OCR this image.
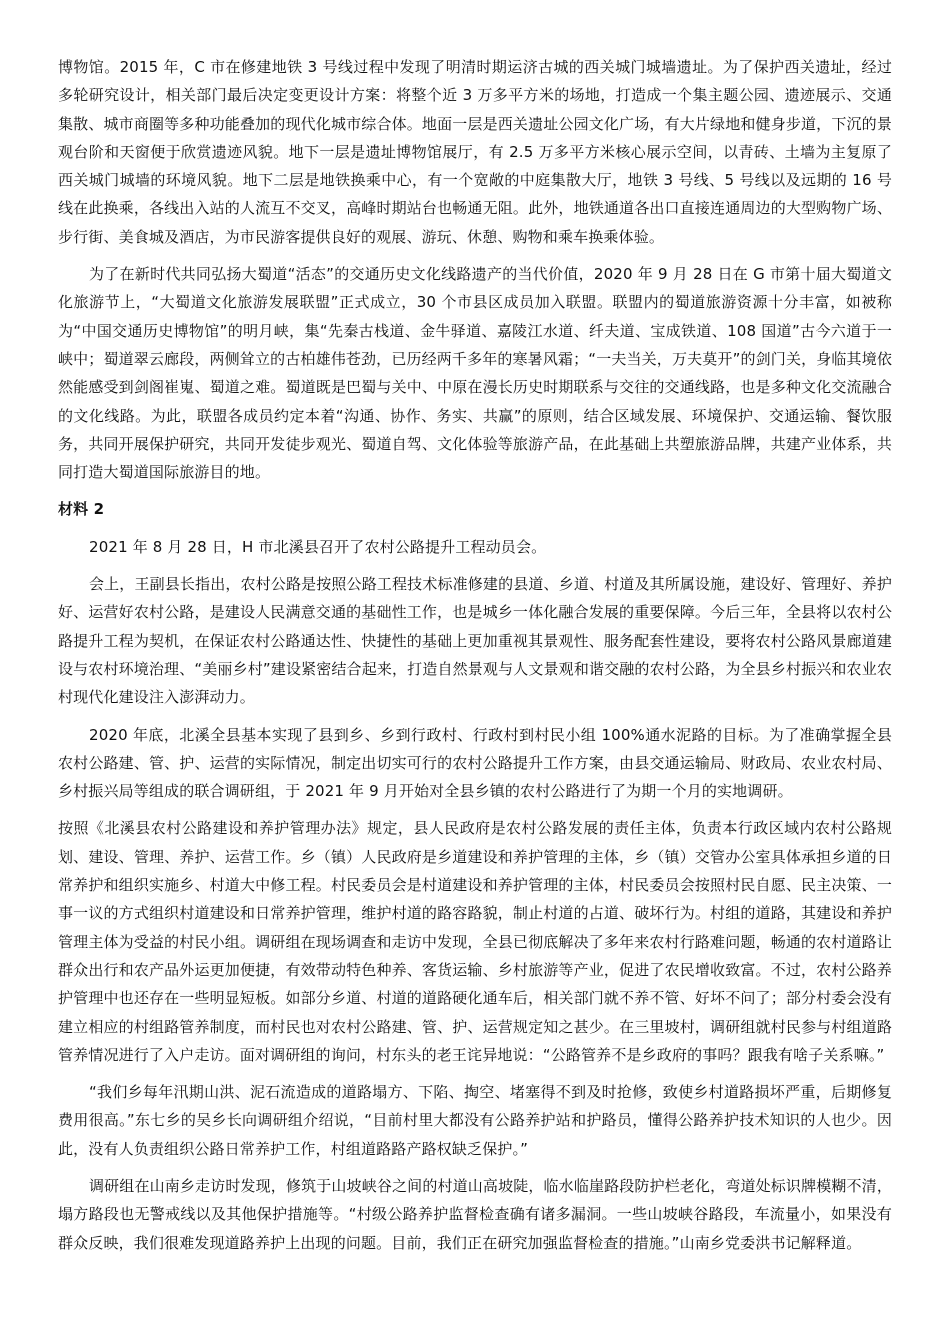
博物馆。2015 年，C 市在修建地铁 3 号线过程中发现了明清时期运济古城的西关城门城墙遗址。为了保护西关遗址，经过多轮研究设计，相关部门最后决定变更设计方案：将整个近 3 万多平方米的场地，打造成一个集主题公园、遗迹展示、交通集散、城市商圈等多种功能叠加的现代化城市综合体。地面一层是西关遗址公园文化广场，有大片绿地和健身步道，下沉的景观台阶和天窗便于欣赏遗迹风貌。地下一层是遗址博物馆展厅，有 2.5 万多平方米核心展示空间，以青砖、土墙为主复原了西关城门城墙的环境风貌。地下二层是地铁换乘中心，有一个宽敞的中庭集散大厅，地铁 3 号线、5 号线以及远期的 16 号线在此换乘，各线出入站的人流互不交叉，高峰时期站台也畅通无阻。此外，地铁通道各出口直接连通周边的大型购物广场、步行街、美食城及酒店，为市民游客提供良好的观展、游玩、休憩、购物和乘车换乘体验。

为了在新时代共同弘扬大蜀道“活态”的交通历史文化线路遗产的当代价值，2020 年 9 月 28 日在 G 市第十届大蜀道文化旅游节上，“大蜀道文化旅游发展联盟”正式成立，30 个市县区成员加入联盟。联盟内的蜀道旅游资源十分丰富，如被称为“中国交通历史博物馆”的明月峡，集“先秦古栈道、金牛驿道、嘉陵江水道、纤夫道、宝成铁道、108 国道”古今六道于一峡中；蜀道翠云廊段，两侧耸立的古柏雄伟苍劲，已历经两千多年的寒暑风霜；“一夫当关，万夫莫开”的剑门关，身临其境依然能感受到剑阁崔嵬、蜀道之难。蜀道既是巴蜀与关中、中原在漫长历史时期联系与交往的交通线路，也是多种文化交流融合的文化线路。为此，联盟各成员约定本着“沟通、协作、务实、共赢”的原则，结合区域发展、环境保护、交通运输、餐饮服务，共同开展保护研究，共同开发徒步观光、蜀道自驾、文化体验等旅游产品，在此基础上共塑旅游品牌，共建产业体系，共同打造大蜀道国际旅游目的地。

材料 2

2021 年 8 月 28 日，H 市北溪县召开了农村公路提升工程动员会。

会上，王副县长指出，农村公路是按照公路工程技术标准修建的县道、乡道、村道及其所属设施，建设好、管理好、养护好、运营好农村公路，是建设人民满意交通的基础性工作，也是城乡一体化融合发展的重要保障。今后三年，全县将以农村公路提升工程为契机，在保证农村公路通达性、快捷性的基础上更加重视其景观性、服务配套性建设，要将农村公路风景廊道建设与农村环境治理、“美丽乡村”建设紧密结合起来，打造自然景观与人文景观和谐交融的农村公路，为全县乡村振兴和农业农村现代化建设注入澎湃动力。

2020 年底，北溪全县基本实现了县到乡、乡到行政村、行政村到村民小组 100%通水泥路的目标。为了准确掌握全县农村公路建、管、护、运营的实际情况，制定出切实可行的农村公路提升工作方案，由县交通运输局、财政局、农业农村局、乡村振兴局等组成的联合调研组，于 2021 年 9 月开始对全县乡镇的农村公路进行了为期一个月的实地调研。

按照《北溪县农村公路建设和养护管理办法》规定，县人民政府是农村公路发展的责任主体，负责本行政区域内农村公路规划、建设、管理、养护、运营工作。乡（镇）人民政府是乡道建设和养护管理的主体，乡（镇）交管办公室具体承担乡道的日常养护和组织实施乡、村道大中修工程。村民委员会是村道建设和养护管理的主体，村民委员会按照村民自愿、民主决策、一事一议的方式组织村道建设和日常养护管理，维护村道的路容路貌，制止村道的占道、破坏行为。村组的道路，其建设和养护管理主体为受益的村民小组。调研组在现场调查和走访中发现，全县已彻底解决了多年来农村行路难问题，畅通的农村道路让群众出行和农产品外运更加便捷，有效带动特色种养、客货运输、乡村旅游等产业，促进了农民增收致富。不过，农村公路养护管理中也还存在一些明显短板。如部分乡道、村道的道路硬化通车后，相关部门就不养不管、好坏不问了；部分村委会没有建立相应的村组路管养制度，而村民也对农村公路建、管、护、运营规定知之甚少。在三里坡村，调研组就村民参与村组道路管养情况进行了入户走访。面对调研组的询问，村东头的老王诧异地说：“公路管养不是乡政府的事吗？跟我有啥子关系嘛。”

“我们乡每年汛期山洪、泥石流造成的道路塌方、下陷、掏空、堵塞得不到及时抢修，致使乡村道路损坏严重，后期修复费用很高。”东七乡的吴乡长向调研组介绍说，“目前村里大都没有公路养护站和护路员，懂得公路养护技术知识的人也少。因此，没有人负责组织公路日常养护工作，村组道路路产路权缺乏保护。”

调研组在山南乡走访时发现，修筑于山坡峡谷之间的村道山高坡陡，临水临崖路段防护栏老化，弯道处标识牌模糊不清，塌方路段也无警戒线以及其他保护措施等。“村级公路养护监督检查确有诸多漏洞。一些山坡峡谷路段，车流量小，如果没有群众反映，我们很难发现道路养护上出现的问题。目前，我们正在研究加强监督检查的措施。”山南乡党委洪书记解释道。
